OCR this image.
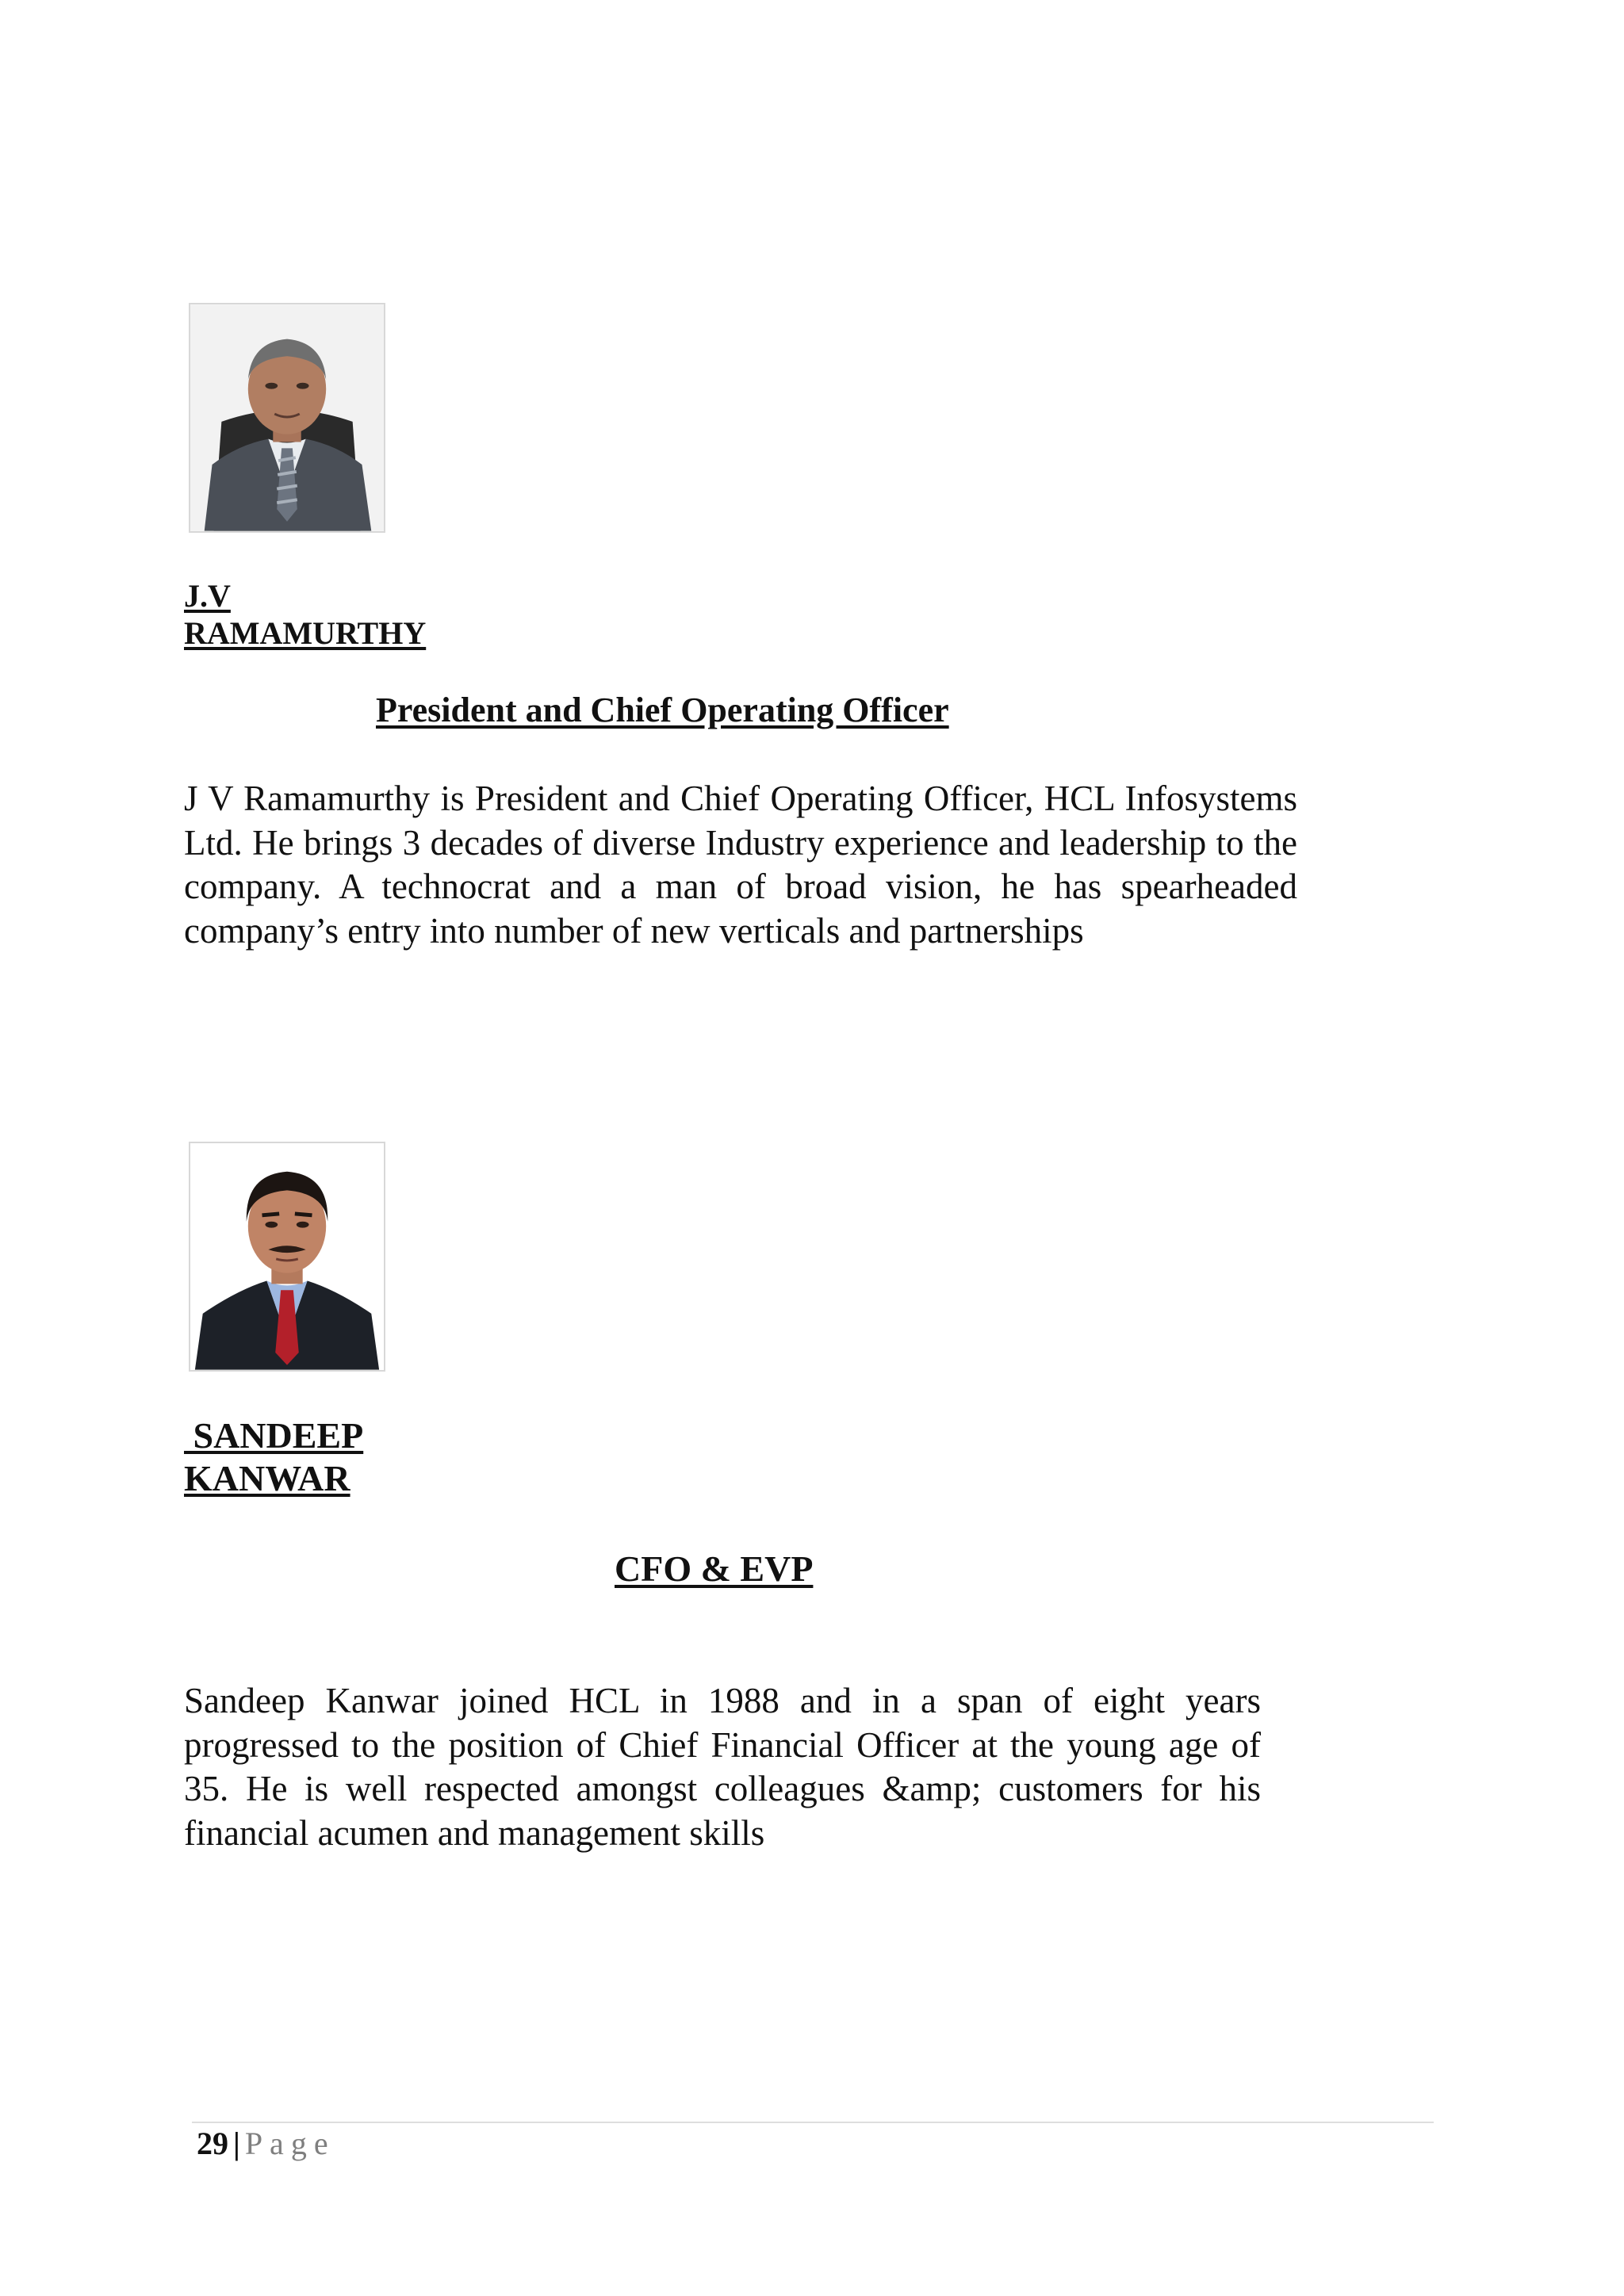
J.V
RAMAMURTHY
President and Chief Operating Officer
J V Ramamurthy is President and Chief Operating Officer, HCL Infosystems Ltd. He brings 3 decades of diverse Industry experience and leadership to the company. A technocrat and a man of broad vision, he has spearheaded company’s entry into number of new verticals and partnerships
SANDEEP
KANWAR
CFO & EVP
Sandeep Kanwar joined HCL in 1988 and in a span of eight years progressed to the position of Chief Financial Officer at the young age of 35. He is well respected amongst colleagues &amp; customers for his financial acumen and management skills
29 | Page
